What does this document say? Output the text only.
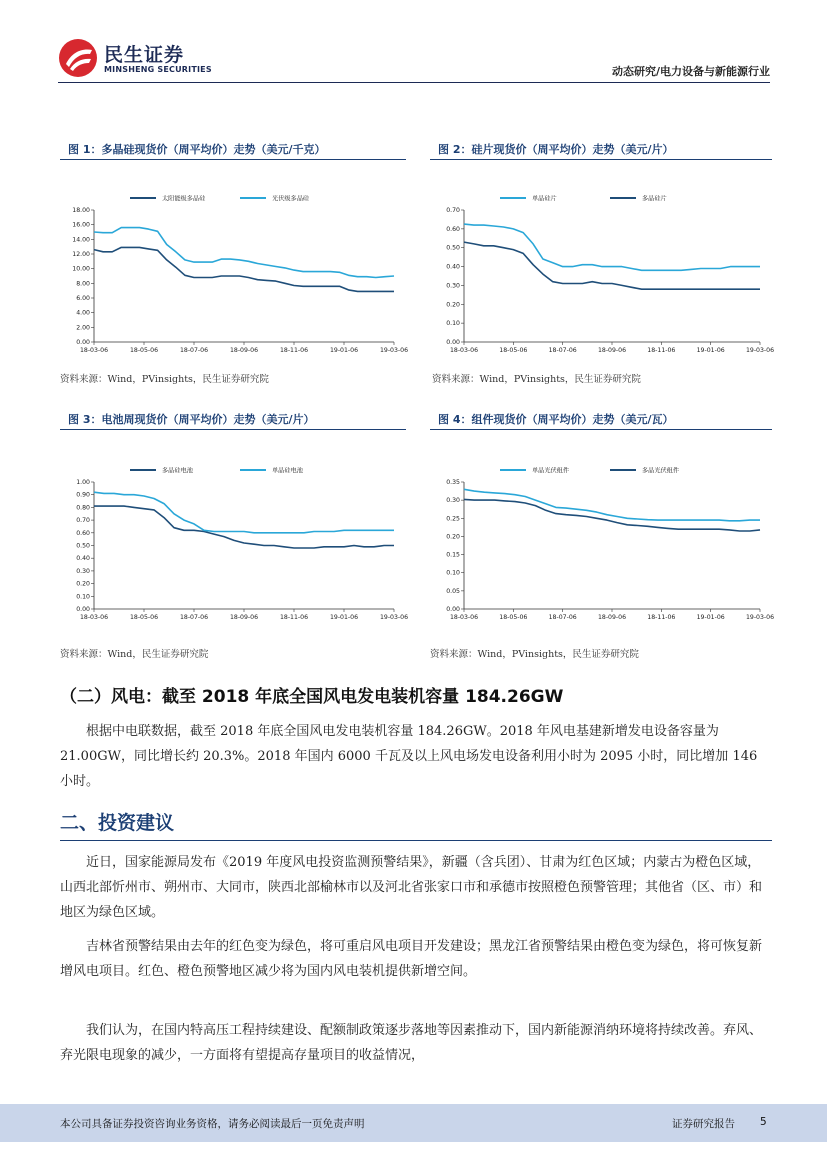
民生证券
MINSHENG SECURITIES	动态研究/电力设备与新能源行业
图 1：多晶硅现货价（周平均价）走势（美元/千克）	图 2：硅片现货价（周平均价）走势（美元/片）
图 3：电池周现货价（周平均价）走势（美元/片）	图 4：组件现货价（周平均价）走势（美元/瓦）
太阳能级多晶硅	光伏级多晶硅
0.00
2.00
4.00
6.00
8.00
10.00
12.00
14.00
16.00
18.00
18-03-06	18-05-06	18-07-06	18-09-06	18-11-06	19-01-06	19-03-06
单晶硅片	多晶硅片
0.00
0.10
0.20
0.30
0.40
0.50
0.60
0.70
18-03-06	18-05-06	18-07-06	18-09-06	18-11-06	19-01-06	19-03-06
多晶硅电池	单晶硅电池
0.00
0.10
0.20
0.30
0.40
0.50
0.60
0.70
0.80
0.90
1.00
18-03-06	18-05-06	18-07-06	18-09-06	18-11-06	19-01-06	19-03-06
单晶光伏组件	多晶光伏组件
0.00
0.05
0.10
0.15
0.20
0.25
0.30
0.35
18-03-06	18-05-06	18-07-06	18-09-06	18-11-06	19-01-06	19-03-06
资料来源：Wind，PVinsights，民生证券研究院	资料来源：Wind，PVinsights，民生证券研究院
资料来源：Wind，民生证券研究院	资料来源：Wind，PVinsights，民生证券研究院
（二）风电：截至 2018 年底全国风电发电装机容量 184.26GW

根据中电联数据，截至 2018 年底全国风电发电装机容量 184.26GW。2018 年风电基建新增发电设备容量为 21.00GW，同比增长约 20.3%。2018 年国内 6000 千瓦及以上风电场发电设备利用小时为 2095 小时，同比增加 146 小时。

二、投资建议

近日，国家能源局发布《2019 年度风电投资监测预警结果》，新疆（含兵团）、甘肃为红色区域；内蒙古为橙色区域，山西北部忻州市、朔州市、大同市，陕西北部榆林市以及河北省张家口市和承德市按照橙色预警管理；其他省（区、市）和地区为绿色区域。

吉林省预警结果由去年的红色变为绿色，将可重启风电项目开发建设；黑龙江省预警结果由橙色变为绿色，将可恢复新增风电项目。红色、橙色预警地区减少将为国内风电装机提供新增空间。

我们认为，在国内特高压工程持续建设、配额制政策逐步落地等因素推动下，国内新能源消纳环境将持续改善。弃风、弃光限电现象的减少，一方面将有望提高存量项目的收益情况，

本公司具备证券投资咨询业务资格，请务必阅读最后一页免责声明	证券研究报告 5
